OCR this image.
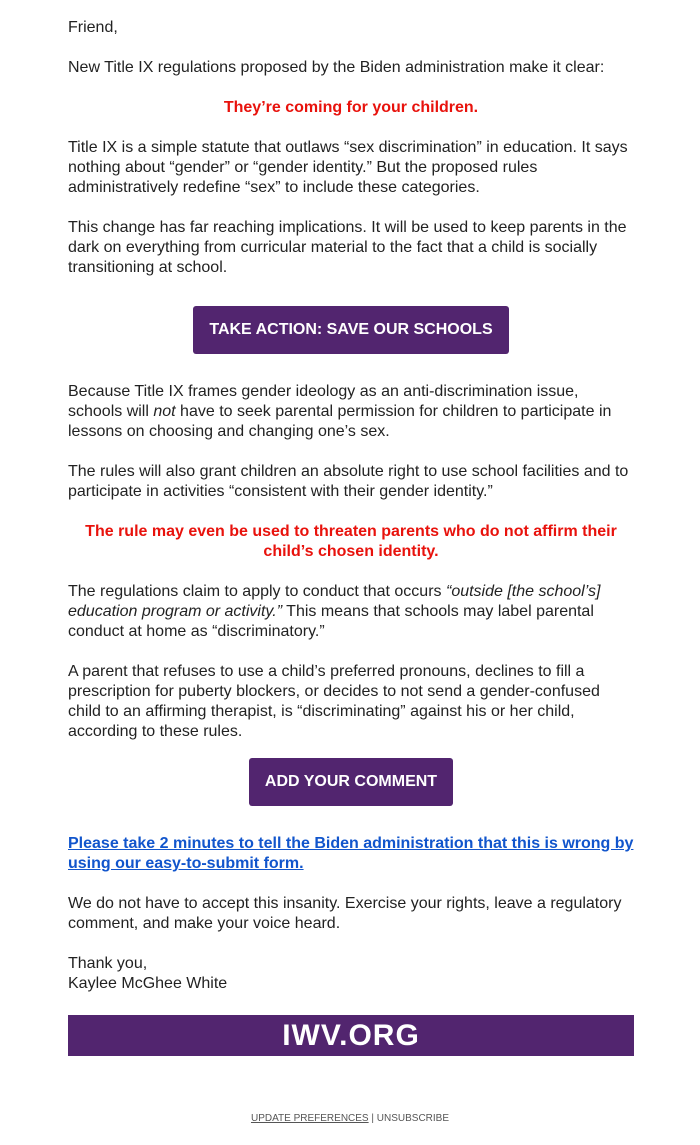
Friend,

New Title IX regulations proposed by the Biden administration make it clear:

They’re coming for your children.

Title IX is a simple statute that outlaws “sex discrimination” in education. It says nothing about “gender” or “gender identity.” But the proposed rules administratively redefine “sex” to include these categories.

This change has far reaching implications. It will be used to keep parents in the dark on everything from curricular material to the fact that a child is socially transitioning at school.

TAKE ACTION: SAVE OUR SCHOOLS

Because Title IX frames gender ideology as an anti-discrimination issue, schools will not have to seek parental permission for children to participate in lessons on choosing and changing one’s sex.

The rules will also grant children an absolute right to use school facilities and to participate in activities “consistent with their gender identity.”

The rule may even be used to threaten parents who do not affirm their child’s chosen identity.

The regulations claim to apply to conduct that occurs “outside [the school’s] education program or activity.” This means that schools may label parental conduct at home as “discriminatory.”

A parent that refuses to use a child’s preferred pronouns, declines to fill a prescription for puberty blockers, or decides to not send a gender-confused child to an affirming therapist, is “discriminating” against his or her child, according to these rules.

ADD YOUR COMMENT

Please take 2 minutes to tell the Biden administration that this is wrong by using our easy-to-submit form.

We do not have to accept this insanity. Exercise your rights, leave a regulatory comment, and make your voice heard.

Thank you,

Kaylee McGhee White

IWV.ORG
UPDATE PREFERENCES | UNSUBSCRIBE
